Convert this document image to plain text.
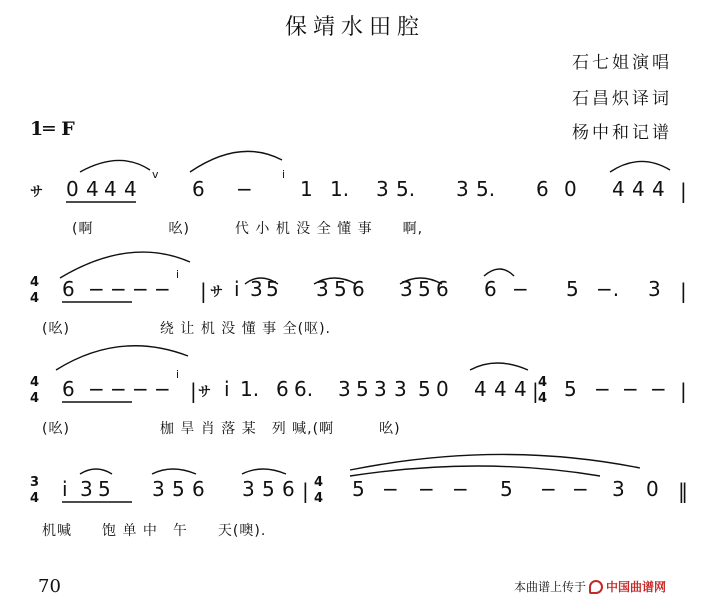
保靖水田腔
石七姐演唱
石昌炽译词
杨中和记谱
1═ F
サ 0 4 4 4
v
6 −
i
1 1. 3 5. 3 5. 6 0 4 4 4 |
4
4 6 − − − −
i
| サ i 3 5 3 5 6 3 5 6 6 − 5 −. 3 |
4
4 6 − − − −
i
| サ i 1. 6 6. 3 5 3 3 5 0 4 4 4 | 4
4 5 − − − |
3
4 i 3 5 3 5 6 3 5 6 | 4
4 5 − − − 5 − − 3 0 ‖
(啊　　　　　吆)　　　代 小 机 没 全 懂 事　　啊,
(吆)　　　　　　绕 让 机 没 懂 事 全(呕).
(吆)　　　　　　枷 旱 肖 落 某　列 喊,(啊　　　吆)
机喊　　饱 单 中　午　　天(噢).
70	本曲谱上传于 中国曲谱网
